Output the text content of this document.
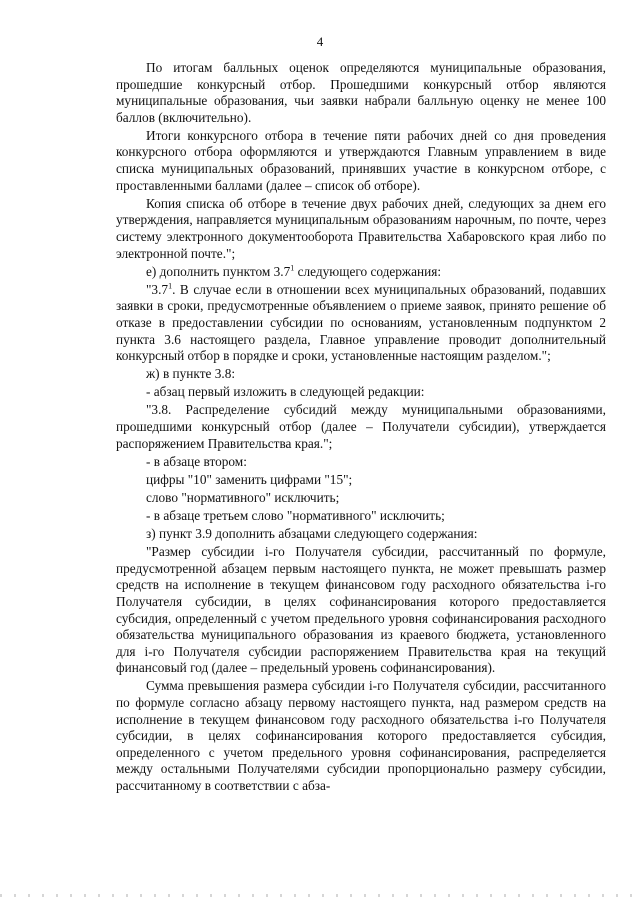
4

По итогам балльных оценок определяются муниципальные образования, прошедшие конкурсный отбор. Прошедшими конкурсный отбор являются муниципальные образования, чьи заявки набрали балльную оценку не менее 100 баллов (включительно).

Итоги конкурсного отбора в течение пяти рабочих дней со дня проведения конкурсного отбора оформляются и утверждаются Главным управлением в виде списка муниципальных образований, принявших участие в конкурсном отборе, с проставленными баллами (далее – список об отборе).

Копия списка об отборе в течение двух рабочих дней, следующих за днем его утверждения, направляется муниципальным образованиям нарочным, по почте, через систему электронного документооборота Правительства Хабаровского края либо по электронной почте.";

е) дополнить пунктом $3.7^1$ следующего содержания:

"$3.7^1$. В случае если в отношении всех муниципальных образований, подавших заявки в сроки, предусмотренные объявлением о приеме заявок, принято решение об отказе в предоставлении субсидии по основаниям, установленным подпунктом 2 пункта 3.6 настоящего раздела, Главное управление проводит дополнительный конкурсный отбор в порядке и сроки, установленные настоящим разделом.";

ж) в пункте 3.8:

- абзац первый изложить в следующей редакции:

"3.8. Распределение субсидий между муниципальными образованиями, прошедшими конкурсный отбор (далее – Получатели субсидии), утверждается распоряжением Правительства края.";

- в абзаце втором:

цифры "10" заменить цифрами "15";

слово "нормативного" исключить;

- в абзаце третьем слово "нормативного" исключить;

з) пункт 3.9 дополнить абзацами следующего содержания:

"Размер субсидии i-го Получателя субсидии, рассчитанный по формуле, предусмотренной абзацем первым настоящего пункта, не может превышать размер средств на исполнение в текущем финансовом году расходного обязательства i-го Получателя субсидии, в целях софинансирования которого предоставляется субсидия, определенный с учетом предельного уровня софинансирования расходного обязательства муниципального образования из краевого бюджета, установленного для i-го Получателя субсидии распоряжением Правительства края на текущий финансовый год (далее – предельный уровень софинансирования).

Сумма превышения размера субсидии i-го Получателя субсидии, рассчитанного по формуле согласно абзацу первому настоящего пункта, над размером средств на исполнение в текущем финансовом году расходного обязательства i-го Получателя субсидии, в целях софинансирования которого предоставляется субсидия, определенного с учетом предельного уровня софинансирования, распределяется между остальными Получателями субсидии пропорционально размеру субсидии, рассчитанному в соответствии с абза-
